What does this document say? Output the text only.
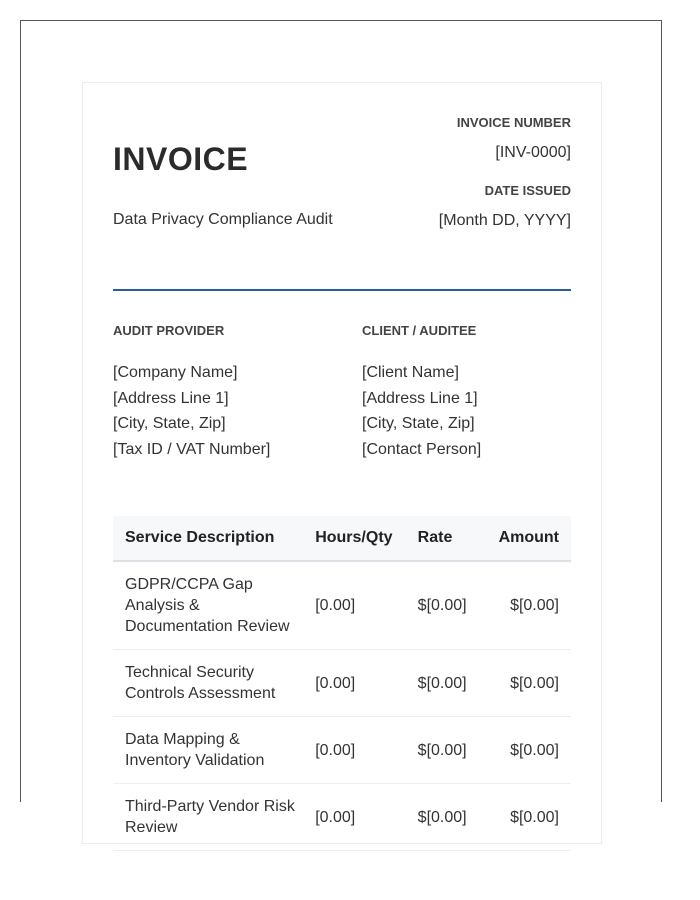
INVOICE
Data Privacy Compliance Audit
INVOICE NUMBER
[INV-0000]
DATE ISSUED
[Month DD, YYYY]
AUDIT PROVIDER
[Company Name]
[Address Line 1]
[City, State, Zip]
[Tax ID / VAT Number]
CLIENT / AUDITEE
[Client Name]
[Address Line 1]
[City, State, Zip]
[Contact Person]
Service Description	Hours/Qty	Rate	Amount
GDPR/CCPA Gap Analysis & Documentation Review	[0.00]	$[0.00]	$[0.00]
Technical Security Controls Assessment	[0.00]	$[0.00]	$[0.00]
Data Mapping & Inventory Validation	[0.00]	$[0.00]	$[0.00]
Third-Party Vendor Risk Review	[0.00]	$[0.00]	$[0.00]
